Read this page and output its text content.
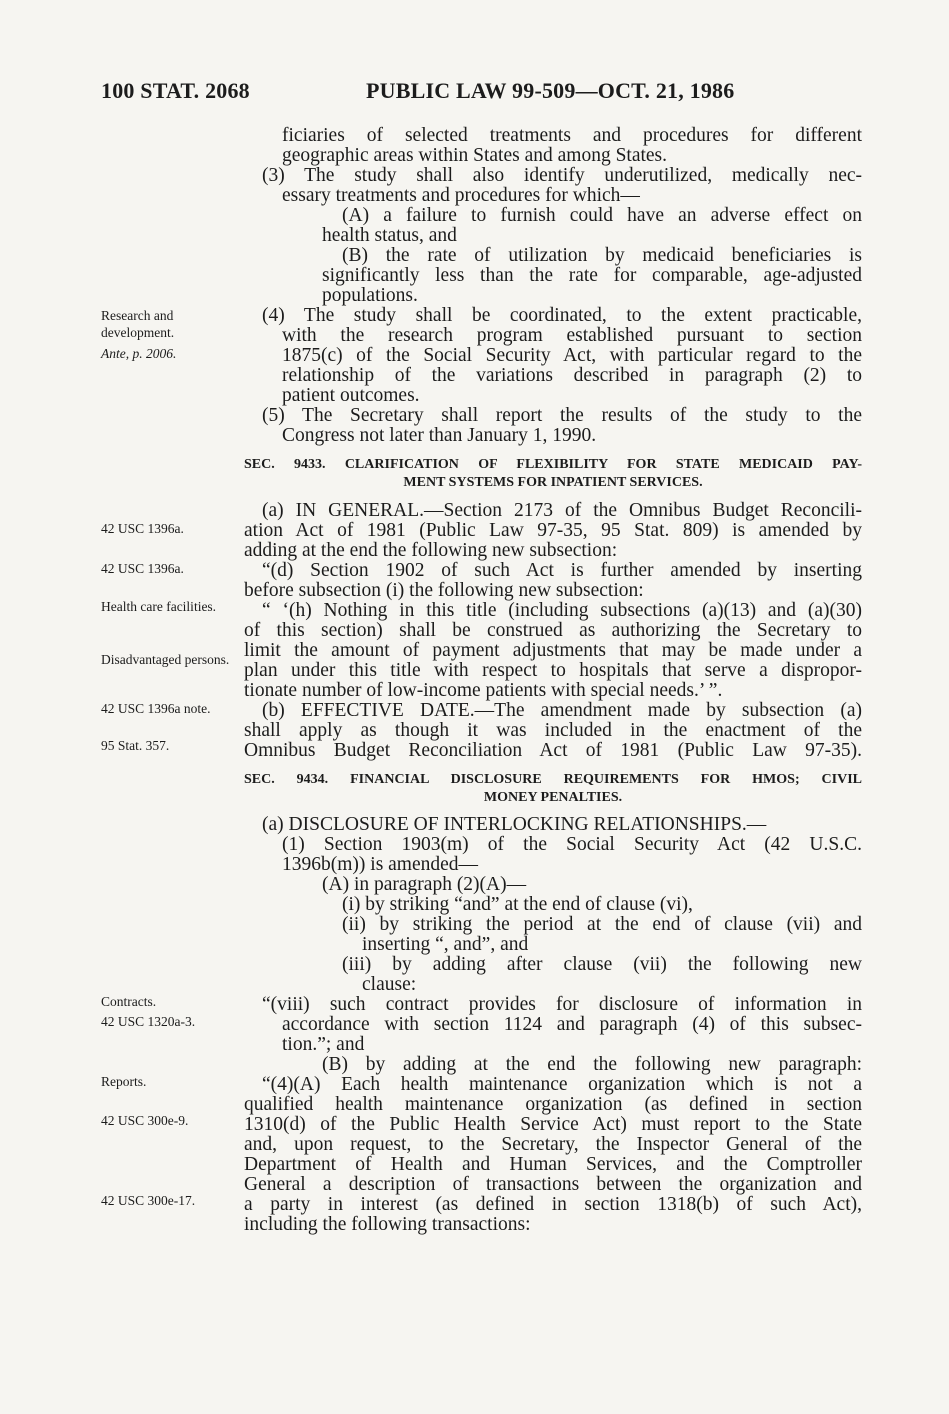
100 STAT. 2068	PUBLIC LAW 99-509—OCT. 21, 1986
Research and development.
Ante, p. 2006.
42 USC 1396a.
42 USC 1396a.
Health care facilities.
Disadvantaged persons.
42 USC 1396a note.
95 Stat. 357.
Contracts.
42 USC 1320a-3.
Reports.
42 USC 300e-9.
42 USC 300e-17.
ficiaries of selected treatments and procedures for different
geographic areas within States and among States.
(3) The study shall also identify underutilized, medically nec-
essary treatments and procedures for which—
(A) a failure to furnish could have an adverse effect on
health status, and
(B) the rate of utilization by medicaid beneficiaries is
significantly less than the rate for comparable, age-adjusted
populations.
(4) The study shall be coordinated, to the extent practicable,
with the research program established pursuant to section
1875(c) of the Social Security Act, with particular regard to the
relationship of the variations described in paragraph (2) to
patient outcomes.
(5) The Secretary shall report the results of the study to the
Congress not later than January 1, 1990.
SEC. 9433. CLARIFICATION OF FLEXIBILITY FOR STATE MEDICAID PAY-
MENT SYSTEMS FOR INPATIENT SERVICES.
(a) IN GENERAL.—Section 2173 of the Omnibus Budget Reconcili-
ation Act of 1981 (Public Law 97-35, 95 Stat. 809) is amended by
adding at the end the following new subsection:
“(d) Section 1902 of such Act is further amended by inserting
before subsection (i) the following new subsection:
“ ‘(h) Nothing in this title (including subsections (a)(13) and (a)(30)
of this section) shall be construed as authorizing the Secretary to
limit the amount of payment adjustments that may be made under a
plan under this title with respect to hospitals that serve a dispropor-
tionate number of low-income patients with special needs.’ ”.
(b) EFFECTIVE DATE.—The amendment made by subsection (a)
shall apply as though it was included in the enactment of the
Omnibus Budget Reconciliation Act of 1981 (Public Law 97-35).
SEC. 9434. FINANCIAL DISCLOSURE REQUIREMENTS FOR HMOS; CIVIL
MONEY PENALTIES.
(a) DISCLOSURE OF INTERLOCKING RELATIONSHIPS.—
(1) Section 1903(m) of the Social Security Act (42 U.S.C.
1396b(m)) is amended—
(A) in paragraph (2)(A)—
(i) by striking “and” at the end of clause (vi),
(ii) by striking the period at the end of clause (vii) and
inserting “, and”, and
(iii) by adding after clause (vii) the following new
clause:
“(viii) such contract provides for disclosure of information in
accordance with section 1124 and paragraph (4) of this subsec-
tion.”; and
(B) by adding at the end the following new paragraph:
“(4)(A) Each health maintenance organization which is not a
qualified health maintenance organization (as defined in section
1310(d) of the Public Health Service Act) must report to the State
and, upon request, to the Secretary, the Inspector General of the
Department of Health and Human Services, and the Comptroller
General a description of transactions between the organization and
a party in interest (as defined in section 1318(b) of such Act),
including the following transactions:
